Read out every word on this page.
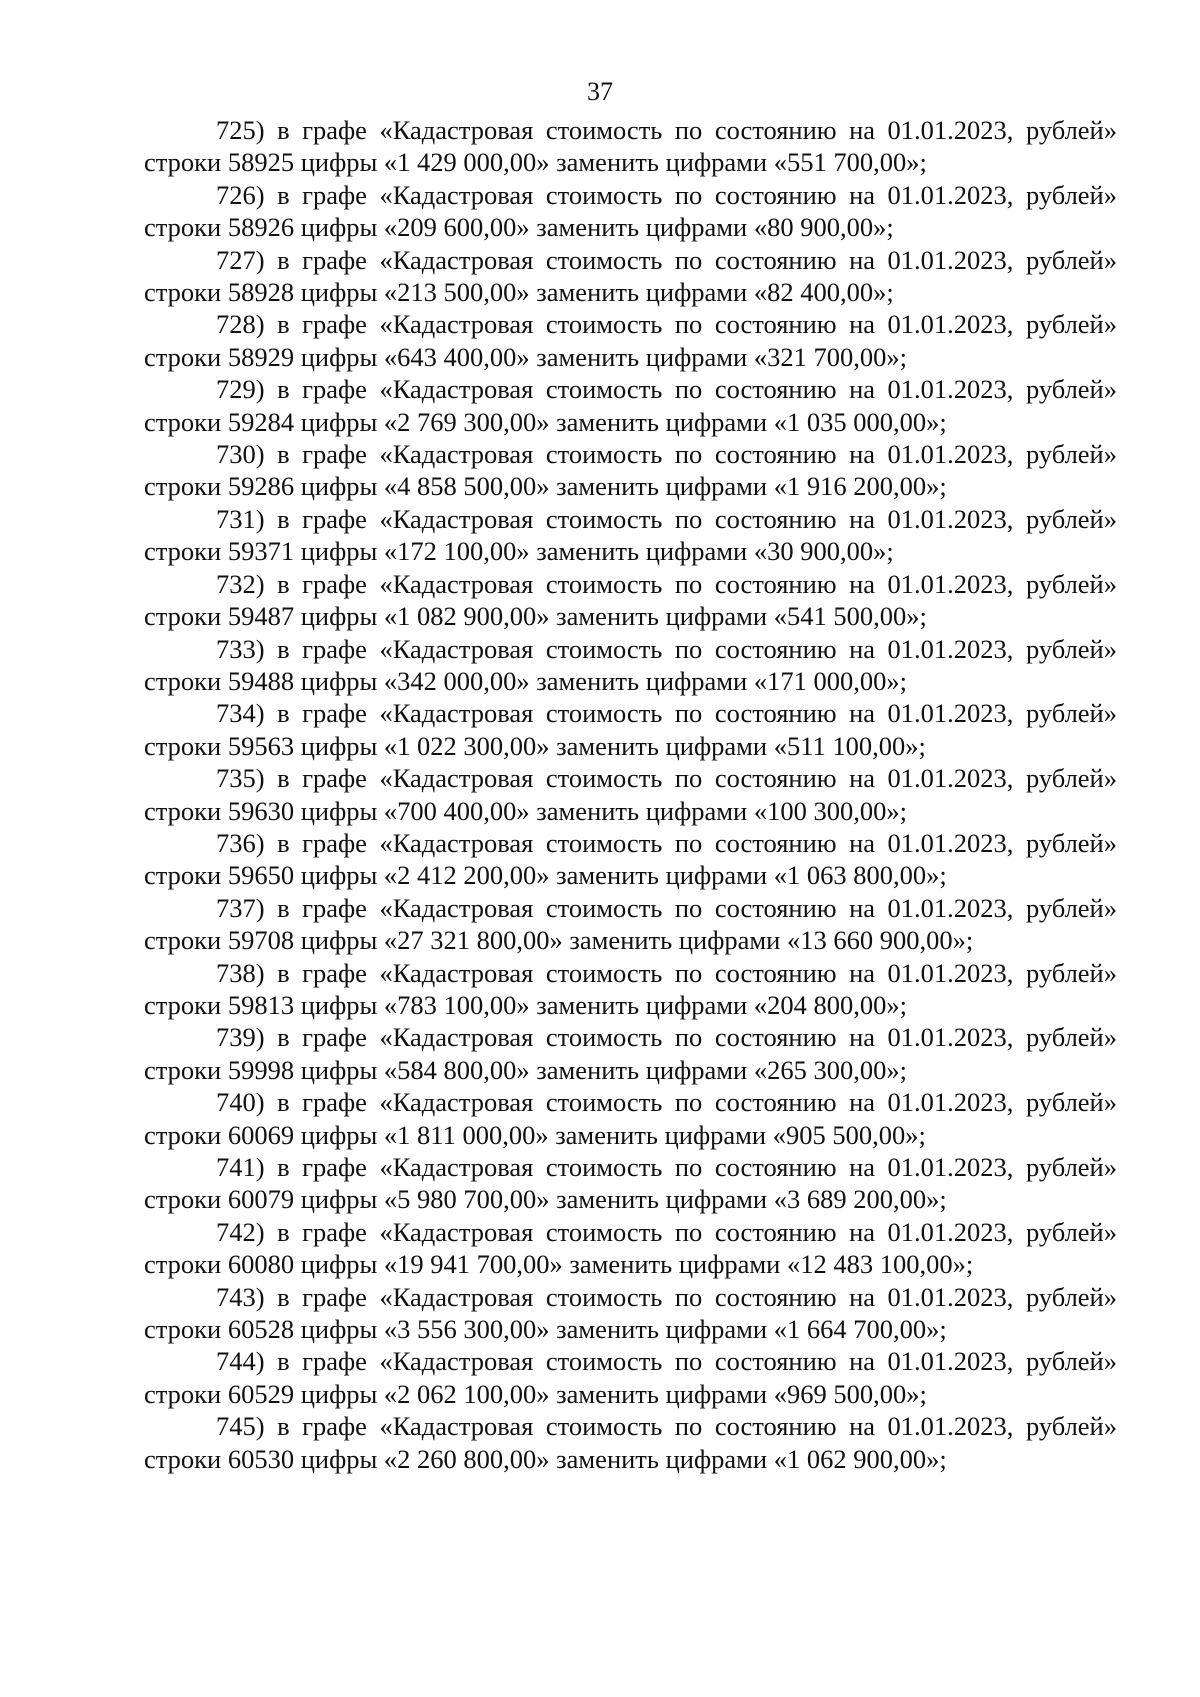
37

725) в графе «Кадастровая стоимость по состоянию на 01.01.2023, рублей» строки 58925 цифры «1 429 000,00» заменить цифрами «551 700,00»;

726) в графе «Кадастровая стоимость по состоянию на 01.01.2023, рублей» строки 58926 цифры «209 600,00» заменить цифрами «80 900,00»;

727) в графе «Кадастровая стоимость по состоянию на 01.01.2023, рублей» строки 58928 цифры «213 500,00» заменить цифрами «82 400,00»;

728) в графе «Кадастровая стоимость по состоянию на 01.01.2023, рублей» строки 58929 цифры «643 400,00» заменить цифрами «321 700,00»;

729) в графе «Кадастровая стоимость по состоянию на 01.01.2023, рублей» строки 59284 цифры «2 769 300,00» заменить цифрами «1 035 000,00»;

730) в графе «Кадастровая стоимость по состоянию на 01.01.2023, рублей» строки 59286 цифры «4 858 500,00» заменить цифрами «1 916 200,00»;

731) в графе «Кадастровая стоимость по состоянию на 01.01.2023, рублей» строки 59371 цифры «172 100,00» заменить цифрами «30 900,00»;

732) в графе «Кадастровая стоимость по состоянию на 01.01.2023, рублей» строки 59487 цифры «1 082 900,00» заменить цифрами «541 500,00»;

733) в графе «Кадастровая стоимость по состоянию на 01.01.2023, рублей» строки 59488 цифры «342 000,00» заменить цифрами «171 000,00»;

734) в графе «Кадастровая стоимость по состоянию на 01.01.2023, рублей» строки 59563 цифры «1 022 300,00» заменить цифрами «511 100,00»;

735) в графе «Кадастровая стоимость по состоянию на 01.01.2023, рублей» строки 59630 цифры «700 400,00» заменить цифрами «100 300,00»;

736) в графе «Кадастровая стоимость по состоянию на 01.01.2023, рублей» строки 59650 цифры «2 412 200,00» заменить цифрами «1 063 800,00»;

737) в графе «Кадастровая стоимость по состоянию на 01.01.2023, рублей» строки 59708 цифры «27 321 800,00» заменить цифрами «13 660 900,00»;

738) в графе «Кадастровая стоимость по состоянию на 01.01.2023, рублей» строки 59813 цифры «783 100,00» заменить цифрами «204 800,00»;

739) в графе «Кадастровая стоимость по состоянию на 01.01.2023, рублей» строки 59998 цифры «584 800,00» заменить цифрами «265 300,00»;

740) в графе «Кадастровая стоимость по состоянию на 01.01.2023, рублей» строки 60069 цифры «1 811 000,00» заменить цифрами «905 500,00»;

741) в графе «Кадастровая стоимость по состоянию на 01.01.2023, рублей» строки 60079 цифры «5 980 700,00» заменить цифрами «3 689 200,00»;

742) в графе «Кадастровая стоимость по состоянию на 01.01.2023, рублей» строки 60080 цифры «19 941 700,00» заменить цифрами «12 483 100,00»;

743) в графе «Кадастровая стоимость по состоянию на 01.01.2023, рублей» строки 60528 цифры «3 556 300,00» заменить цифрами «1 664 700,00»;

744) в графе «Кадастровая стоимость по состоянию на 01.01.2023, рублей» строки 60529 цифры «2 062 100,00» заменить цифрами «969 500,00»;

745) в графе «Кадастровая стоимость по состоянию на 01.01.2023, рублей» строки 60530 цифры «2 260 800,00» заменить цифрами «1 062 900,00»;
